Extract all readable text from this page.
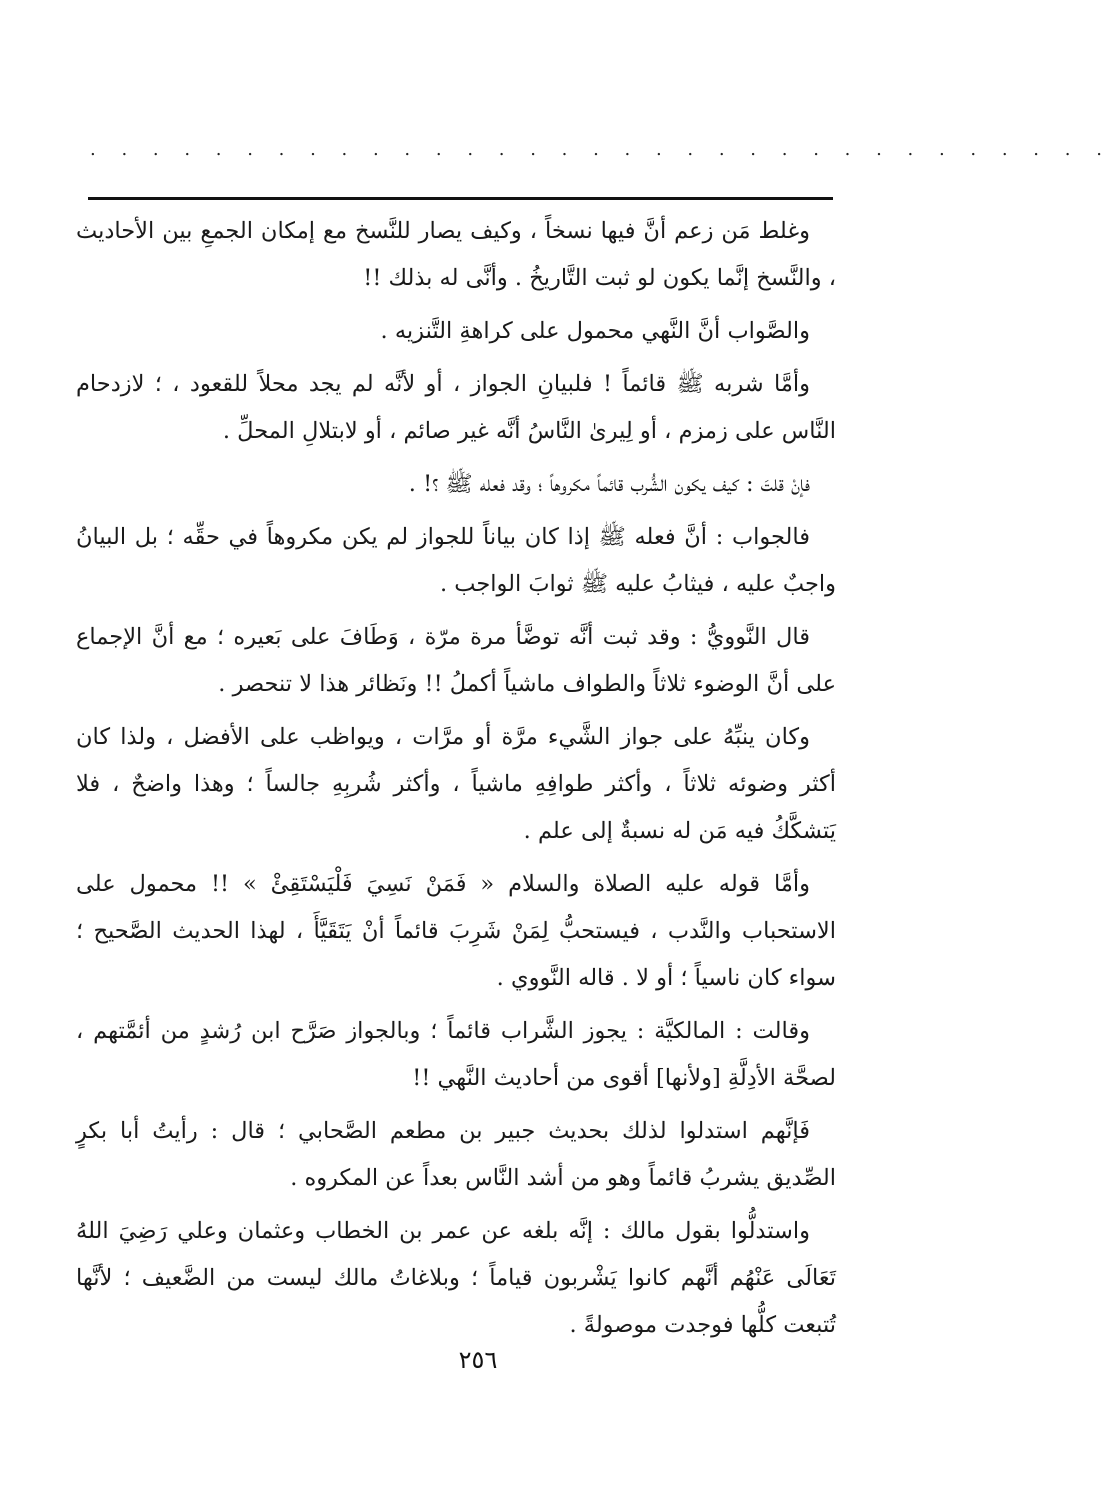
. . . . . . . . . . . . . . . . . . . . . . . . . . . . . . . . .

وغلط مَن زعم أنَّ فيها نسخاً ، وكيف يصار للنَّسخ مع إمكان الجمعِ بين الأحاديث ، والنَّسخ إنَّما يكون لو ثبت التَّاريخُ . وأنَّى له بذلك !!

والصَّواب أنَّ النَّهي محمول على كراهةِ التَّنزيه .

وأمَّا شربه ﷺ قائماً ! فلبيانِ الجواز ، أو لأنَّه لم يجد محلاً للقعود ، ؛ لازدحام النَّاس على زمزم ، أو لِيرىٰ النَّاسُ أنَّه غير صائم ، أو لابتلالِ المحلِّ .

فإنْ قلتَ : كيف يكون الشُّرب قائماً مكروهاً ؛ وقد فعله ﷺ ؟! .

فالجواب : أنَّ فعله ﷺ إذا كان بياناً للجواز لم يكن مكروهاً في حقِّه ؛ بل البيانُ واجبٌ عليه ، فيثابُ عليه ﷺ ثوابَ الواجب .

قال النَّوويُّ : وقد ثبت أنَّه توضَّأ مرة مرّة ، وَطَافَ على بَعيره ؛ مع أنَّ الإجماع على أنَّ الوضوء ثلاثاً والطواف ماشياً أكملُ !! ونَظائر هذا لا تنحصر .

وكان ينبِّهُ على جواز الشَّيء مرَّة أو مرَّات ، ويواظب على الأفضل ، ولذا كان أكثر وضوئه ثلاثاً ، وأكثر طوافِهِ ماشياً ، وأكثر شُربِهِ جالساً ؛ وهذا واضحٌ ، فلا يَتشكَّكُ فيه مَن له نسبةٌ إلى علم .

وأمَّا قوله عليه الصلاة والسلام « فَمَنْ نَسِيَ فَلْيَسْتَقِئْ » !! محمول على الاستحباب والنَّدب ، فيستحبُّ لِمَنْ شَرِبَ قائماً أنْ يَتَقَيَّأَ ، لهذا الحديث الصَّحيح ؛ سواء كان ناسياً ؛ أو لا . قاله النَّووي .

وقالت : المالكيَّة : يجوز الشَّراب قائماً ؛ وبالجواز صَرَّح ابن رُشدٍ من أئمَّتهم ، لصحَّة الأدِلَّةِ [ولأنها] أقوى من أحاديث النَّهي !!

فَإنَّهم استدلوا لذلك بحديث جبير بن مطعم الصَّحابي ؛ قال : رأيتُ أبا بكرٍ الصِّديق يشربُ قائماً وهو من أشد النَّاس بعداً عن المكروه .

واستدلُّوا بقول مالك : إنَّه بلغه عن عمر بن الخطاب وعثمان وعلي رَضِيَ اللهُ تَعَالَى عَنْهُم أنَّهم كانوا يَشْربون قياماً ؛ وبلاغاتُ مالك ليست من الضَّعيف ؛ لأنَّها تُتبعت كلُّها فوجدت موصولةً .

٢٥٦
